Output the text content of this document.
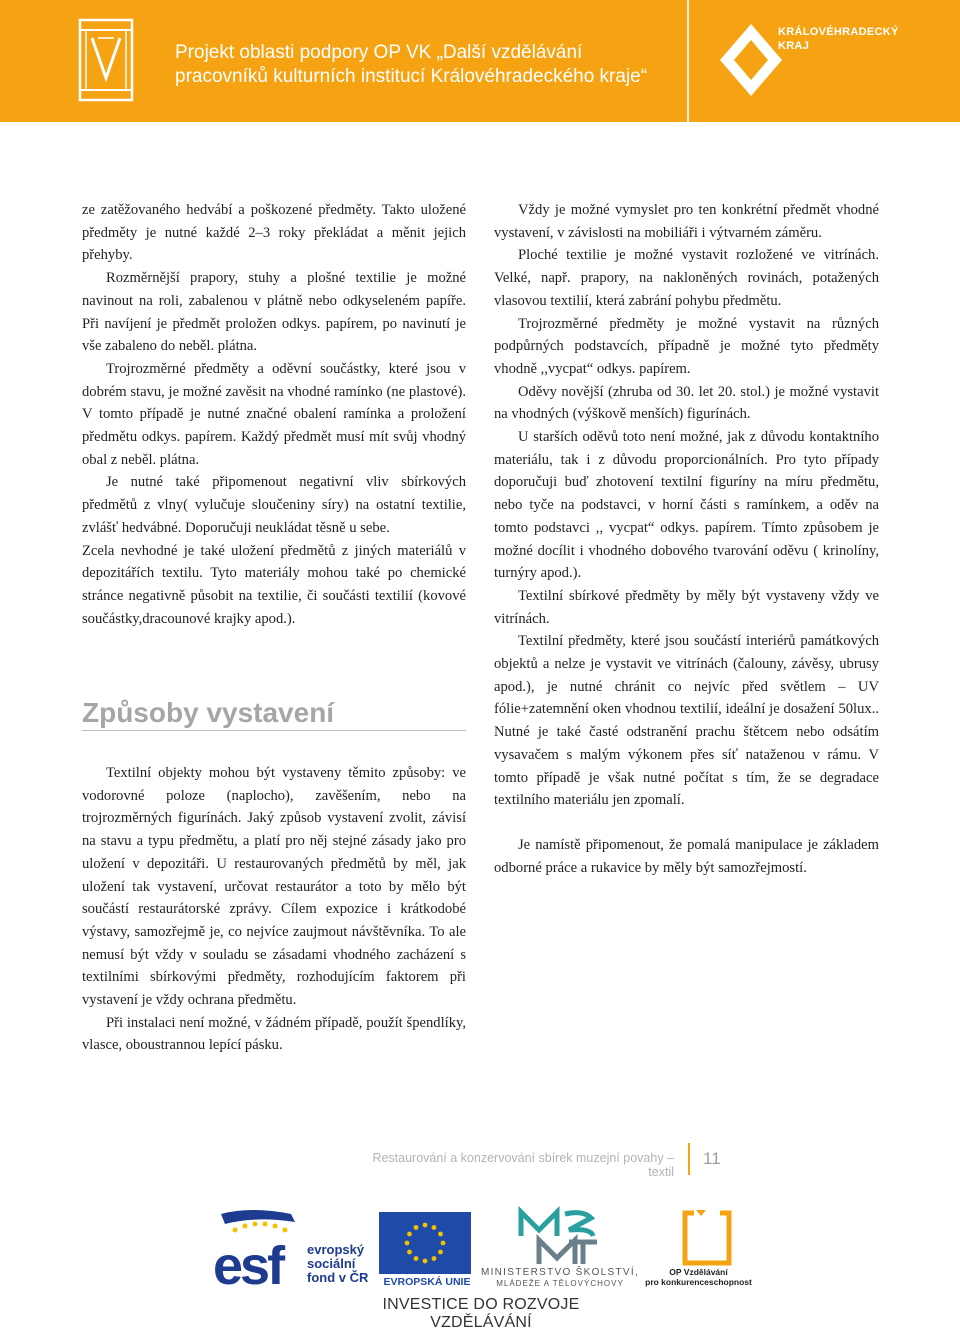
Projekt oblasti podpory OP VK „Další vzdělávání
pracovníků kulturních institucí Královéhradeckého kraje“
KRÁLOVÉHRADECKÝ
KRAJ

ze zatěžovaného hedvábí a poškozené předměty. Takto uložené předměty je nutné každé 2–3 roky překládat a měnit jejich přehyby.

Rozměrnější prapory, stuhy a plošné textilie je možné navinout na roli, zabalenou v plátně nebo odkyseleném papíře. Při navíjení je předmět proložen odkys. papírem, po navinutí je vše zabaleno do neběl. plátna.

Trojrozměrné předměty a oděvní součástky, které jsou v dobrém stavu, je možné zavěsit na vhodné ramínko (ne plastové). V tomto případě je nutné značné obalení ramínka a proložení předmětu odkys. papírem. Každý předmět musí mít svůj vhodný obal z neběl. plátna.

Je nutné také připomenout negativní vliv sbírkových předmětů z vlny( vylučuje sloučeniny síry) na ostatní textilie, zvlášť hedvábné. Doporučuji neukládat těsně u sebe.

Zcela nevhodné je také uložení předmětů z jiných materiálů v depozitářích textilu. Tyto materiály mohou také po chemické stránce negativně působit na textilie, či součásti textilií (kovové součástky,dracounové krajky apod.).

Způsoby vystavení

Textilní objekty mohou být vystaveny těmito způsoby: ve vodorovné poloze (naplocho), zavěšením, nebo na trojrozměrných figurínách. Jaký způsob vystavení zvolit, závisí na stavu a typu předmětu, a platí pro něj stejné zásady jako pro uložení v depozitáři. U restaurovaných předmětů by měl, jak uložení tak vystavení, určovat restaurátor a toto by mělo být součástí restaurátorské zprávy. Cílem expozice i krátkodobé výstavy, samozřejmě je, co nejvíce zaujmout návštěvníka. To ale nemusí být vždy v souladu se zásadami vhodného zacházení s textilními sbírkovými předměty, rozhodujícím faktorem při vystavení je vždy ochrana předmětu.

Při instalaci není možné, v žádném případě, použít špendlíky, vlasce, oboustrannou lepící pásku.

Vždy je možné vymyslet pro ten konkrétní předmět vhodné vystavení, v závislosti na mobiliáři i výtvarném záměru.

Ploché textilie je možné vystavit rozložené ve vitrínách. Velké, např. prapory, na nakloněných rovinách, potažených vlasovou textilií, která zabrání pohybu předmětu.

Trojrozměrné předměty je možné vystavit na různých podpůrných podstavcích, případně je možné tyto předměty vhodně ,,vycpat“ odkys. papírem.

Oděvy novější (zhruba od 30. let 20. stol.) je možné vystavit na vhodných (výškově menších) figurínách.

U starších oděvů toto není možné, jak z důvodu kontaktního materiálu, tak i z důvodu proporcionálních. Pro tyto případy doporučuji buď zhotovení textilní figuríny na míru předmětu, nebo tyče na podstavci, v horní části s ramínkem, a oděv na tomto podstavci ,, vycpat“ odkys. papírem. Tímto způsobem je možné docílit i vhodného dobového tvarování oděvu ( krinolíny, turnýry apod.).

Textilní sbírkové předměty by měly být vystaveny vždy ve vitrínách.

Textilní předměty, které jsou součástí interiérů památkových objektů a nelze je vystavit ve vitrínách (čalouny, závěsy, ubrusy apod.), je nutné chránit co nejvíc před světlem – UV fólie+zatemnění oken vhodnou textilií, ideální je dosažení 50lux.. Nutné je také časté odstranění prachu štětcem nebo odsátím vysavačem s malým výkonem přes síť nataženou v rámu. V tomto případě je však nutné počítat s tím, že se degradace textilního materiálu jen zpomalí.

Je namístě připomenout, že pomalá manipulace je základem odborné práce a rukavice by měly být samozřejmostí.

Restaurování a konzervování sbírek muzejní povahy – textil
11
esf	evropský
sociální
fond v ČR	EVROPSKÁ UNIE
MINISTERSTVO ŠKOLSTVÍ,
MLÁDEŽE A TĚLOVÝCHOVY
OP Vzdělávání
pro konkurenceschopnost
INVESTICE DO ROZVOJE VZDĚLÁVÁNÍ
